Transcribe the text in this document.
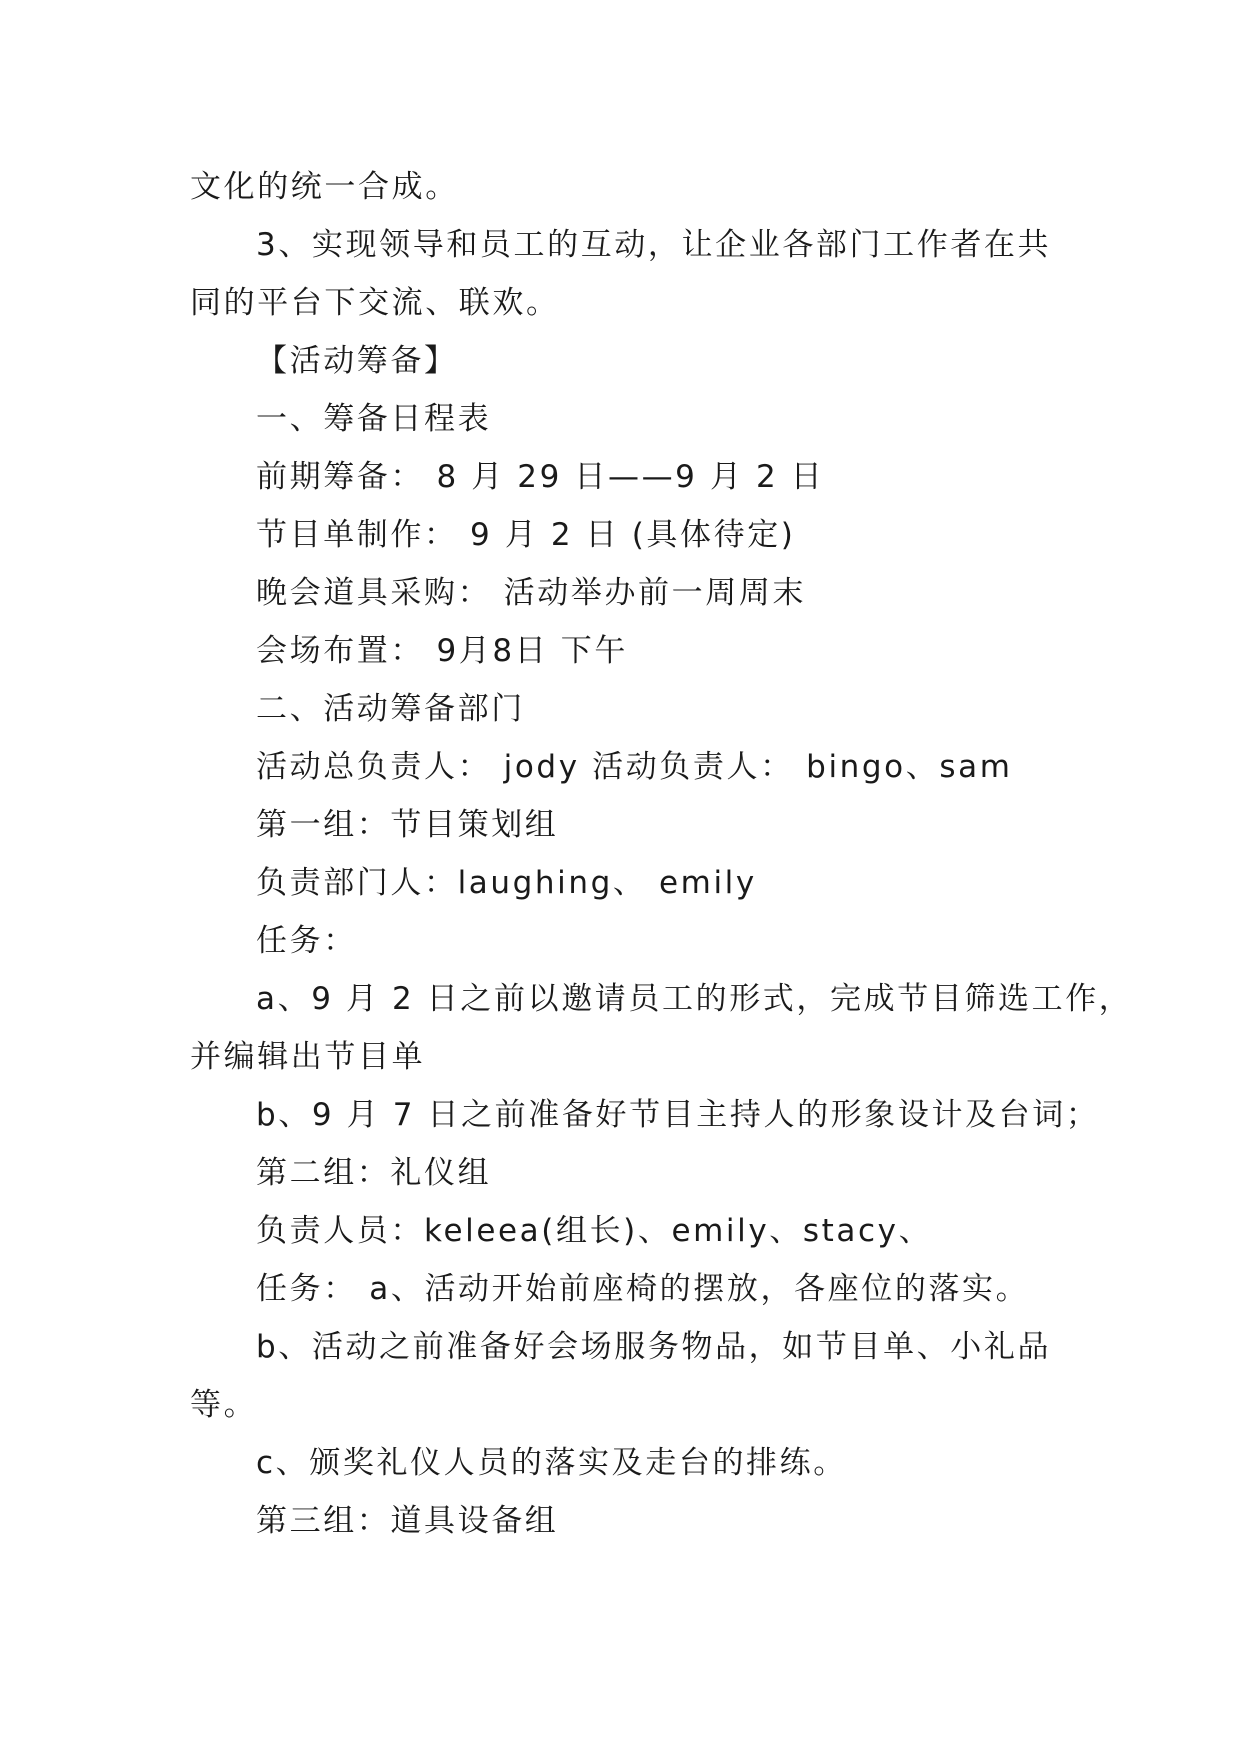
文化的统一合成。

3、实现领导和员工的互动，让企业各部门工作者在共

同的平台下交流、联欢。

【活动筹备】

一、筹备日程表

前期筹备： 8 月 29 日——9 月 2 日

节目单制作： 9 月 2 日 (具体待定)

晚会道具采购： 活动举办前一周周末

会场布置： 9月8日 下午

二、活动筹备部门

活动总负责人： jody 活动负责人： bingo、sam

第一组：节目策划组

负责部门人：laughing、 emily

任务：

a、9 月 2 日之前以邀请员工的形式，完成节目筛选工作，

并编辑出节目单

b、9 月 7 日之前准备好节目主持人的形象设计及台词；

第二组：礼仪组

负责人员：keleea(组长)、emily、stacy、

任务： a、活动开始前座椅的摆放，各座位的落实。

b、活动之前准备好会场服务物品，如节目单、小礼品

等。

c、颁奖礼仪人员的落实及走台的排练。

第三组：道具设备组
